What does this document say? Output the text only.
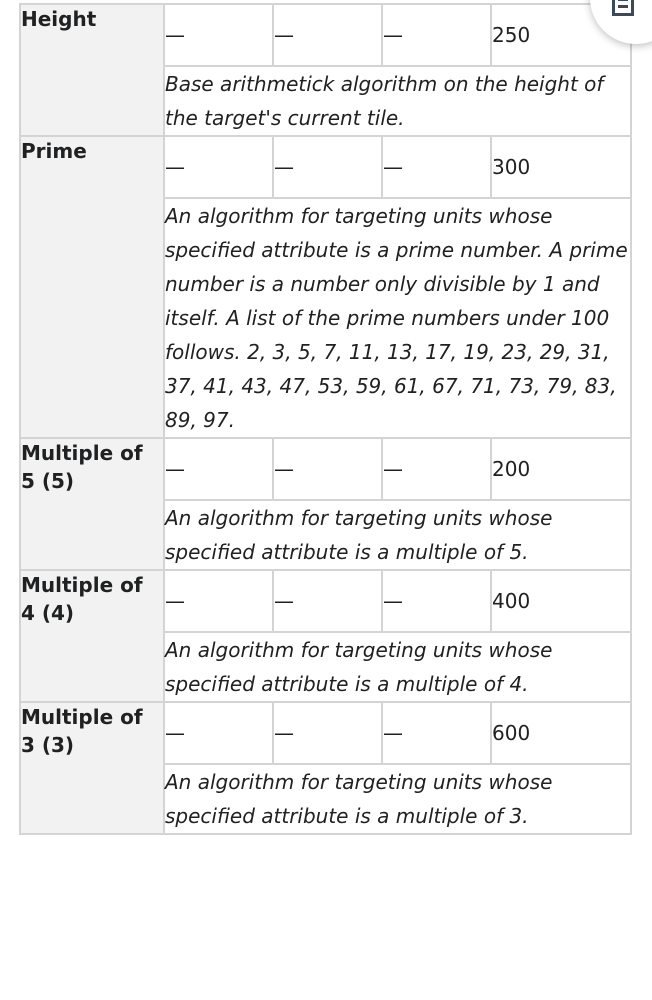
Height	—	—	—	250
	Base arithmetick algorithm on the height of the target's current tile.			
Prime	—	—	—	300
	An algorithm for targeting units whose specified attribute is a prime number. A prime number is a number only divisible by 1 and itself. A list of the prime numbers under 100 follows. 2, 3, 5, 7, 11, 13, 17, 19, 23, 29, 31, 37, 41, 43, 47, 53, 59, 61, 67, 71, 73, 79, 83, 89, 97.			
Multiple of 5 (5)	—	—	—	200
	An algorithm for targeting units whose specified attribute is a multiple of 5.			
Multiple of 4 (4)	—	—	—	400
	An algorithm for targeting units whose specified attribute is a multiple of 4.			
Multiple of 3 (3)	—	—	—	600
	An algorithm for targeting units whose specified attribute is a multiple of 3.			
